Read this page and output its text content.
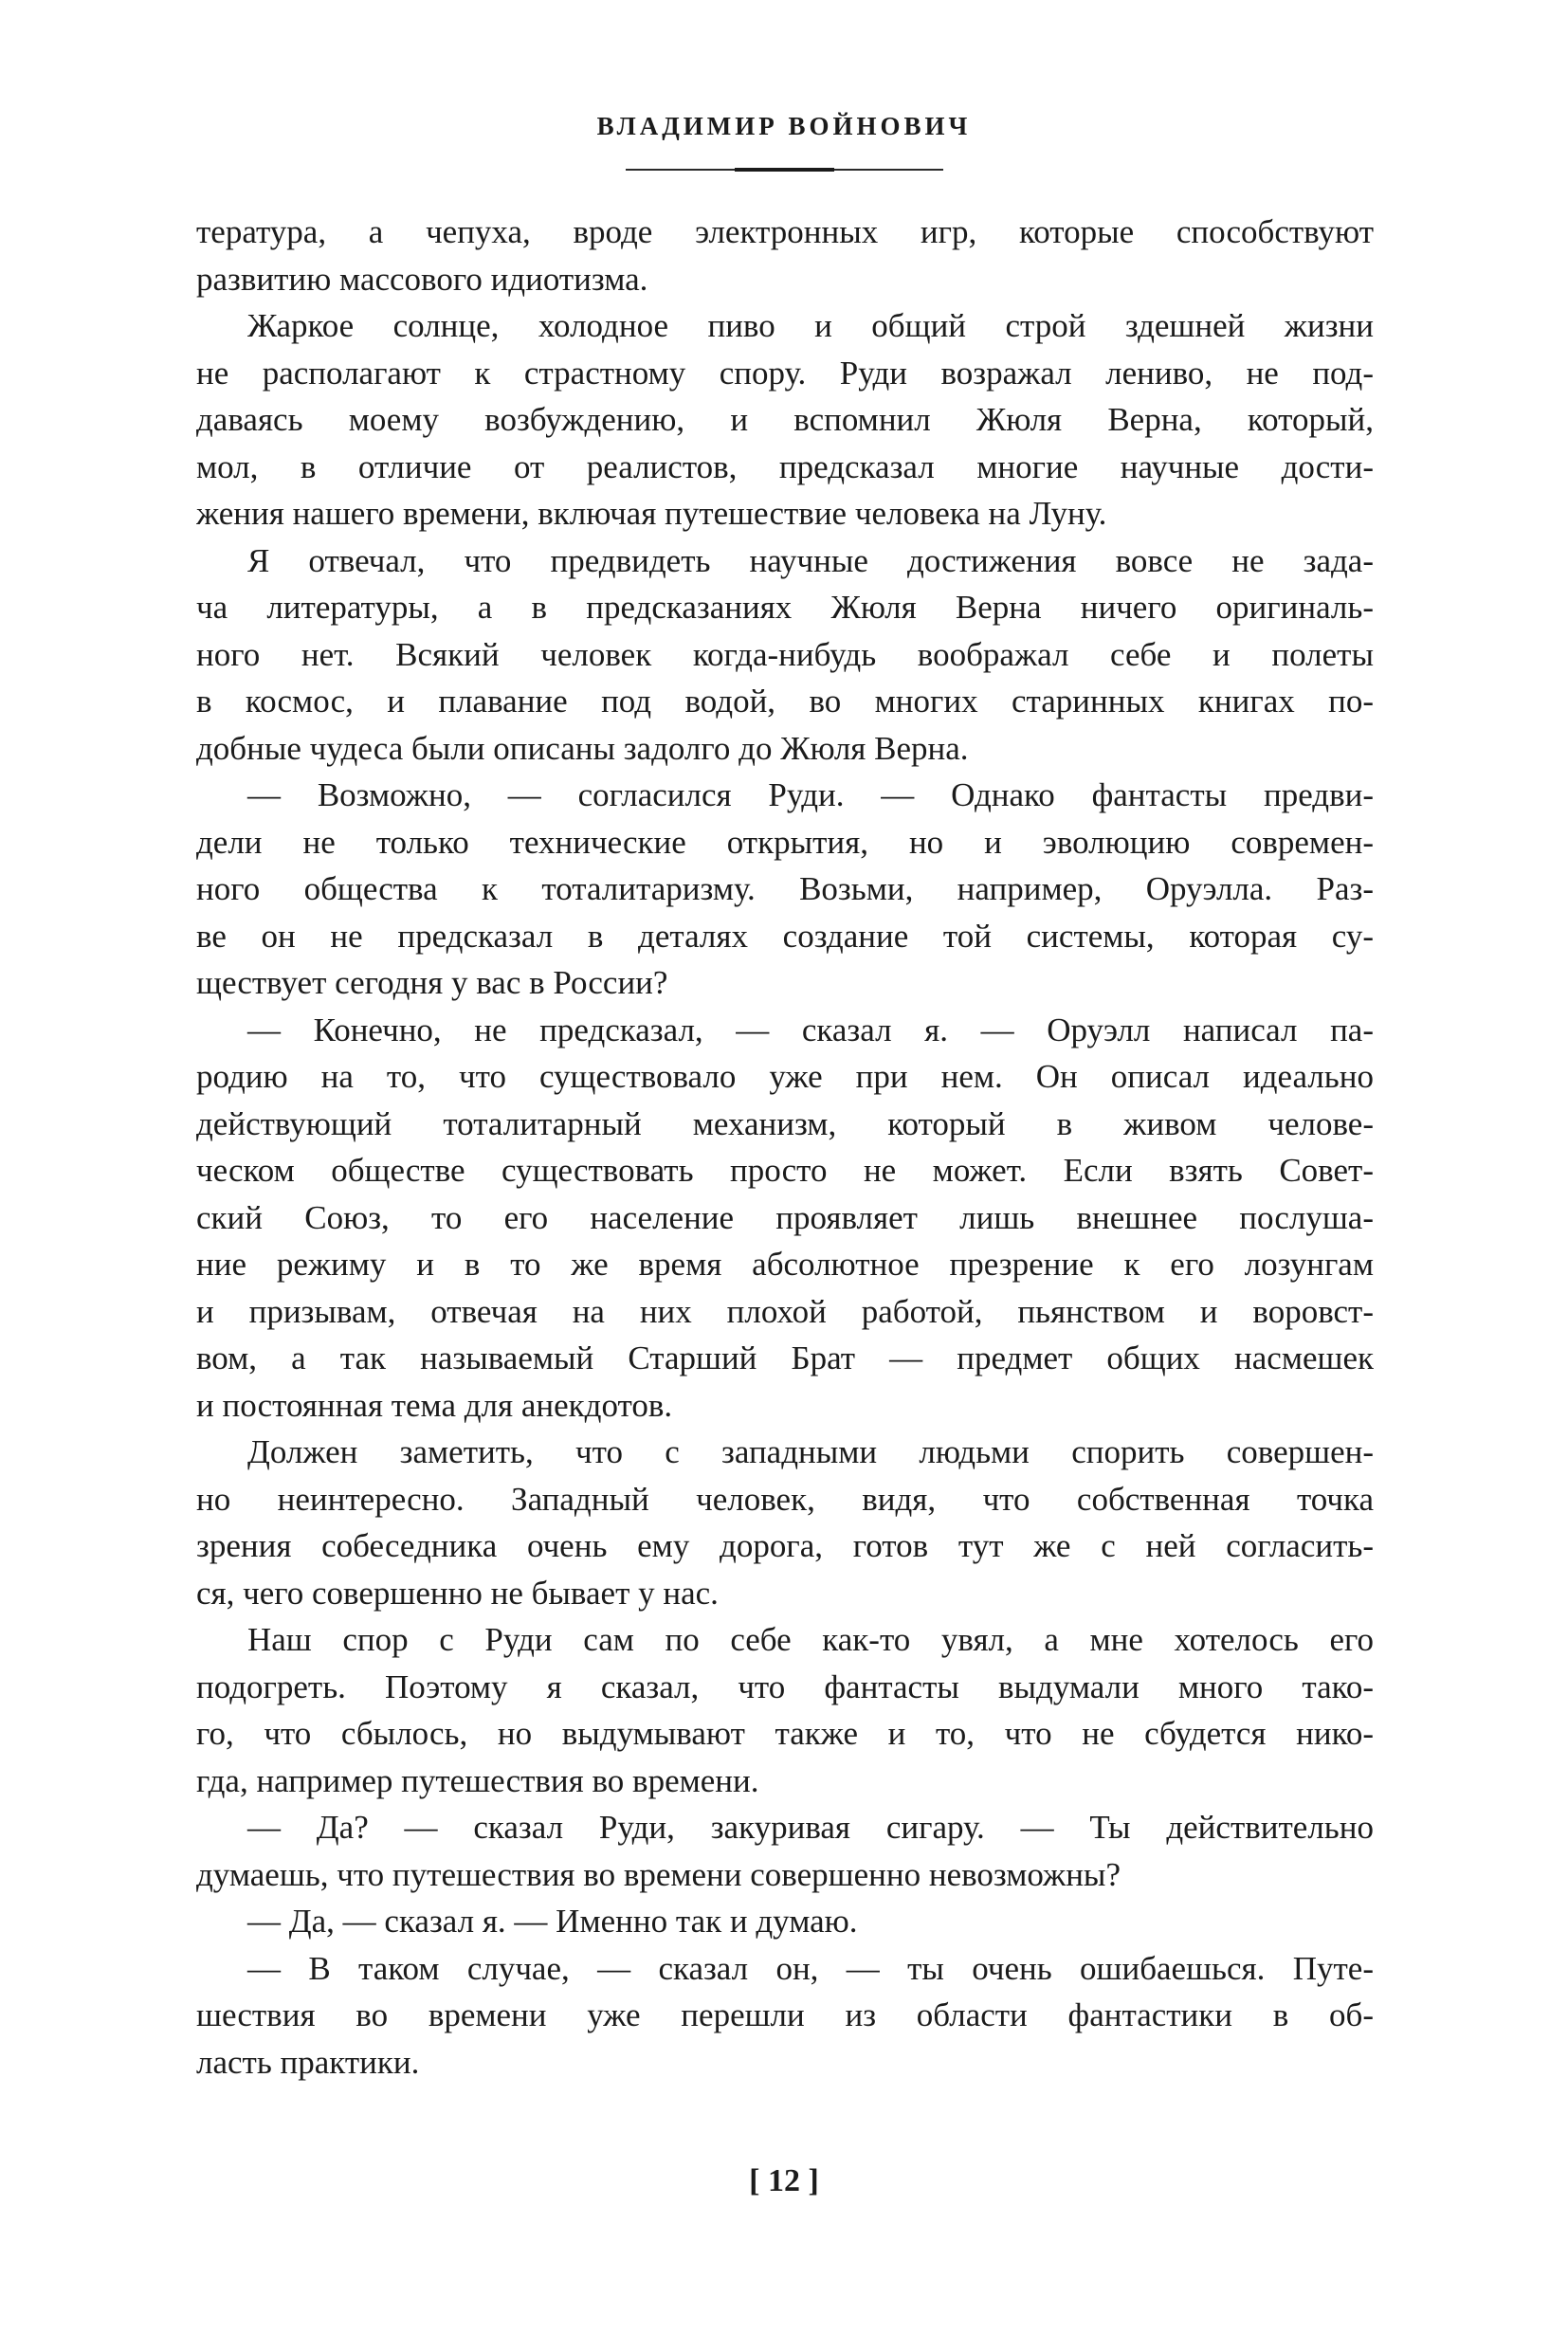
ВЛАДИМИР ВОЙНОВИЧ
тература, а чепуха, вроде электронных игр, которые способствуют
развитию массового идиотизма.
Жаркое солнце, холодное пиво и общий строй здешней жизни
не располагают к страстному спору. Руди возражал лениво, не под-
даваясь моему возбуждению, и вспомнил Жюля Верна, который,
мол, в отличие от реалистов, предсказал многие научные дости-
жения нашего времени, включая путешествие человека на Луну.
Я отвечал, что предвидеть научные достижения вовсе не зада-
ча литературы, а в предсказаниях Жюля Верна ничего оригиналь-
ного нет. Всякий человек когда-нибудь воображал себе и полеты
в космос, и плавание под водой, во многих старинных книгах по-
добные чудеса были описаны задолго до Жюля Верна.
— Возможно, — согласился Руди. — Однако фантасты предви-
дели не только технические открытия, но и эволюцию современ-
ного общества к тоталитаризму. Возьми, например, Оруэлла. Раз-
ве он не предсказал в деталях создание той системы, которая су-
ществует сегодня у вас в России?
— Конечно, не предсказал, — сказал я. — Оруэлл написал па-
родию на то, что существовало уже при нем. Он описал идеально
действующий тоталитарный механизм, который в живом челове-
ческом обществе существовать просто не может. Если взять Совет-
ский Союз, то его население проявляет лишь внешнее послуша-
ние режиму и в то же время абсолютное презрение к его лозунгам
и призывам, отвечая на них плохой работой, пьянством и воровст-
вом, а так называемый Старший Брат — предмет общих насмешек
и постоянная тема для анекдотов.
Должен заметить, что с западными людьми спорить совершен-
но неинтересно. Западный человек, видя, что собственная точка
зрения собеседника очень ему дорога, готов тут же с ней согласить-
ся, чего совершенно не бывает у нас.
Наш спор с Руди сам по себе как-то увял, а мне хотелось его
подогреть. Поэтому я сказал, что фантасты выдумали много тако-
го, что сбылось, но выдумывают также и то, что не сбудется нико-
гда, например путешествия во времени.
— Да? — сказал Руди, закуривая сигару. — Ты действительно
думаешь, что путешествия во времени совершенно невозможны?
— Да, — сказал я. — Именно так и думаю.
— В таком случае, — сказал он, — ты очень ошибаешься. Путе-
шествия во времени уже перешли из области фантастики в об-
ласть практики.
[ 12 ]
